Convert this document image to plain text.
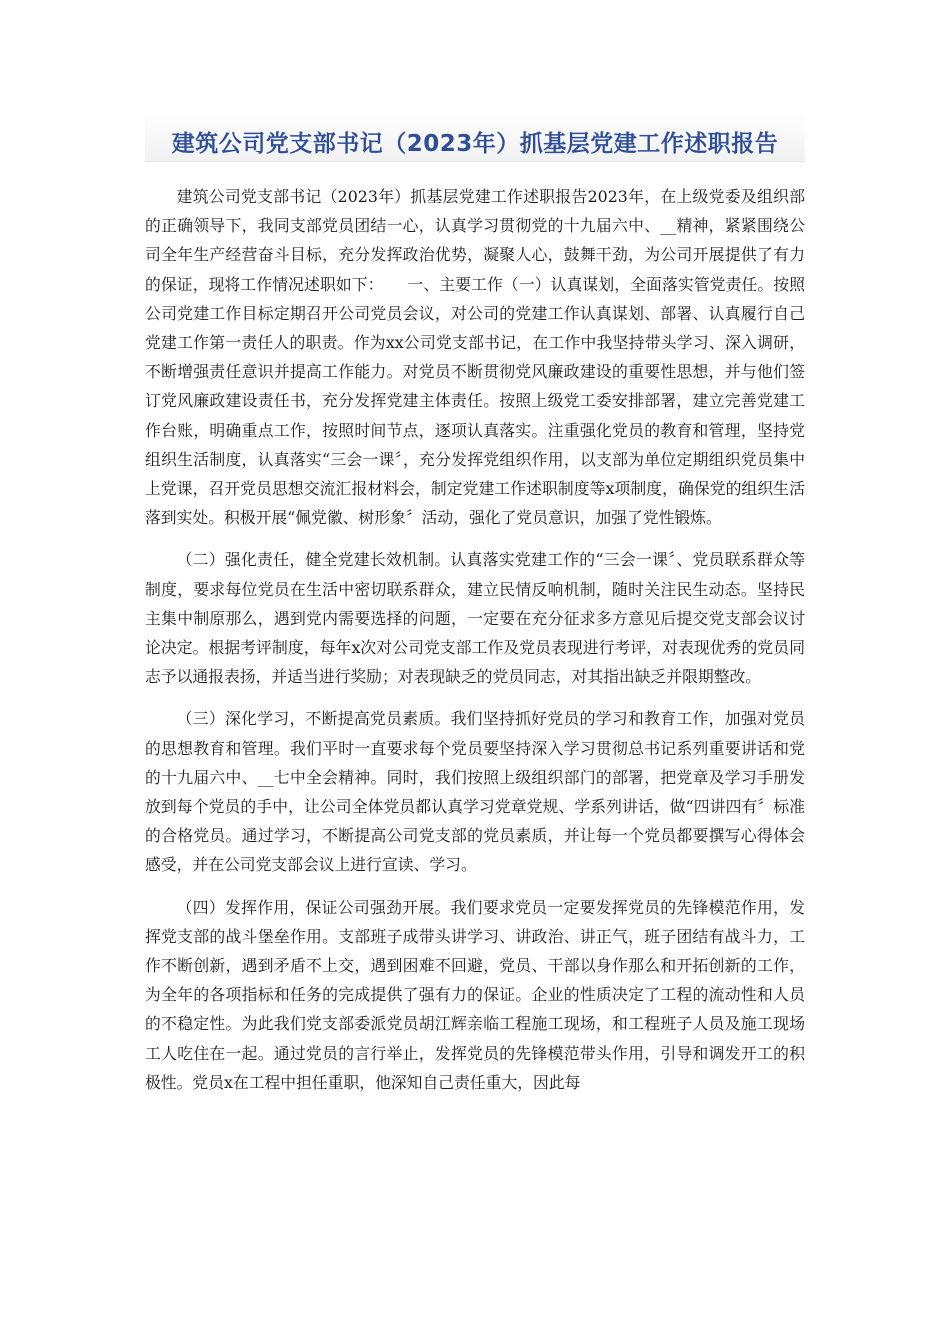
建筑公司党支部书记（2023年）抓基层党建工作述职报告

建筑公司党支部书记（2023年）抓基层党建工作述职报告2023年，在上级党委及组织部的正确领导下，我同支部党员团结一心，认真学习贯彻党的十九届六中、__精神，紧紧围绕公司全年生产经营奋斗目标，充分发挥政治优势，凝聚人心，鼓舞干劲，为公司开展提供了有力的保证，现将工作情况述职如下：　　一、主要工作（一）认真谋划，全面落实管党责任。按照公司党建工作目标定期召开公司党员会议，对公司的党建工作认真谋划、部署、认真履行自己党建工作第一责任人的职责。作为xx公司党支部书记，在工作中我坚持带头学习、深入调研，不断增强责任意识并提高工作能力。对党员不断贯彻党风廉政建设的重要性思想，并与他们签订党风廉政建设责任书，充分发挥党建主体责任。按照上级党工委安排部署，建立完善党建工作台账，明确重点工作，按照时间节点，逐项认真落实。注重强化党员的教育和管理，坚持党组织生活制度，认真落实“三会一课〞，充分发挥党组织作用，以支部为单位定期组织党员集中上党课，召开党员思想交流汇报材料会，制定党建工作述职制度等x项制度，确保党的组织生活落到实处。积极开展“佩党徽、树形象〞活动，强化了党员意识，加强了党性锻炼。

（二）强化责任，健全党建长效机制。认真落实党建工作的“三会一课〞、党员联系群众等制度，要求每位党员在生活中密切联系群众，建立民情反响机制，随时关注民生动态。坚持民主集中制原那么，遇到党内需要选择的问题，一定要在充分征求多方意见后提交党支部会议讨论决定。根据考评制度，每年x次对公司党支部工作及党员表现进行考评，对表现优秀的党员同志予以通报表扬，并适当进行奖励；对表现缺乏的党员同志，对其指出缺乏并限期整改。

（三）深化学习，不断提高党员素质。我们坚持抓好党员的学习和教育工作，加强对党员的思想教育和管理。我们平时一直要求每个党员要坚持深入学习贯彻总书记系列重要讲话和党的十九届六中、__七中全会精神。同时，我们按照上级组织部门的部署，把党章及学习手册发放到每个党员的手中，让公司全体党员都认真学习党章党规、学系列讲话，做“四讲四有〞标准的合格党员。通过学习，不断提高公司党支部的党员素质，并让每一个党员都要撰写心得体会感受，并在公司党支部会议上进行宣读、学习。

（四）发挥作用，保证公司强劲开展。我们要求党员一定要发挥党员的先锋模范作用，发挥党支部的战斗堡垒作用。支部班子成带头讲学习、讲政治、讲正气，班子团结有战斗力，工作不断创新，遇到矛盾不上交，遇到困难不回避，党员、干部以身作那么和开拓创新的工作，为全年的各项指标和任务的完成提供了强有力的保证。企业的性质决定了工程的流动性和人员的不稳定性。为此我们党支部委派党员胡江辉亲临工程施工现场，和工程班子人员及施工现场工人吃住在一起。通过党员的言行举止，发挥党员的先锋模范带头作用，引导和调发开工的积极性。党员x在工程中担任重职，他深知自己责任重大，因此每
